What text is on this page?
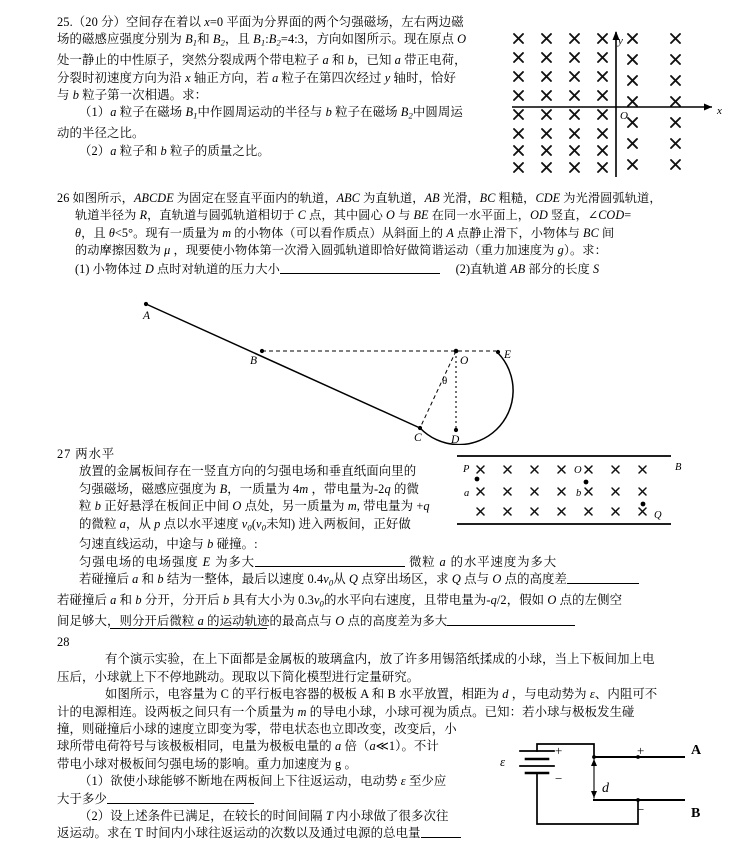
25.（20 分）空间存在着以 x=0 平面为分界面的两个匀强磁场，左右两边磁
场的磁感应强度分别为 $B_1$和 $B_2$，且 $B_1:B_2=4:3$，方向如图所示。现在原点 O
处一静止的中性原子，突然分裂成两个带电粒子 a 和 b，已知 a 带正电荷，
分裂时初速度方向为沿 x 轴正方向，若 a 粒子在第四次经过 y 轴时，恰好
与 b 粒子第一次相遇。求：
（1）a 粒子在磁场 $B_1$中作圆周运动的半径与 b 粒子在磁场 $B_2$中圆周运
动的半径之比。
（2）a 粒子和 b 粒子的质量之比。
O	x
y
26 如图所示，ABCDE 为固定在竖直平面内的轨道，ABC 为直轨道，AB 光滑，BC 粗糙，CDE 为光滑圆弧轨道，
轨道半径为 R，直轨道与圆弧轨道相切于 C 点，其中圆心 O 与 BE 在同一水平面上，OD 竖直，∠COD=
θ，且 θ<5°。现有一质量为 m 的小物体（可以看作质点）从斜面上的 A 点静止滑下，小物体与 BC 间
的动摩擦因数为 μ ，现要使小物体第一次滑入圆弧轨道即恰好做简谐运动（重力加速度为 g）。求：
(1) 小物体过 D 点时对轨道的压力大小	(2)直轨道 AB 部分的长度 S
A
B
C	D
O	E
θ
27 两水平
放置的金属板间存在一竖直方向的匀强电场和垂直纸面向里的
匀强磁场，磁感应强度为 B，一质量为 4m ，带电量为-2q 的微
粒 b 正好悬浮在板间正中间 O 点处，另一质量为 m, 带电量为 +q
的微粒 a，从 p 点以水平速度 $v_0(v_0$未知) 进入两板间，正好做
匀速直线运动，中途与 b 碰撞。:
匀强电场的电场强度 E 为多大	微粒 a 的水平速度为多大
若碰撞后 a 和 b 结为一整体，最后以速度 $0.4v_0$从 Q 点穿出场区，求 Q 点与 O 点的高度差
若碰撞后 a 和 b 分开，分开后 b 具有大小为 $0.3v_0$的水平向右速度，且带电量为-q/2，假如 O 点的左侧空
间足够大，则分开后微粒 a 的运动轨迹的最高点与 O 点的高度差为多大
P
a
O
b
Q
B
28
有个演示实验，在上下面都是金属板的玻璃盒内，放了许多用锡箔纸揉成的小球，当上下板间加上电
压后，小球就上下不停地跳动。现取以下简化模型进行定量研究。
如图所示，电容量为 C 的平行板电容器的极板 A 和 B 水平放置，相距为 d ，与电动势为 ε、内阻可不
计的电源相连。设两板之间只有一个质量为 m 的导电小球，小球可视为质点。已知：若小球与极板发生碰
撞，则碰撞后小球的速度立即变为零，带电状态也立即改变，改变后，小
球所带电荷符号与该极板相同，电量为极板电量的 a 倍（a≪1）。不计
带电小球对极板间匀强电场的影响。重力加速度为 g 。
（1）欲使小球能够不断地在两板间上下往返运动，电动势 ε 至少应
大于多少
（2）设上述条件已满足，在较长的时间间隔 T 内小球做了很多次往
返运动。求在 T 时间内小球往返运动的次数以及通过电源的总电量
ε
+
−
d
+
−
A
B
